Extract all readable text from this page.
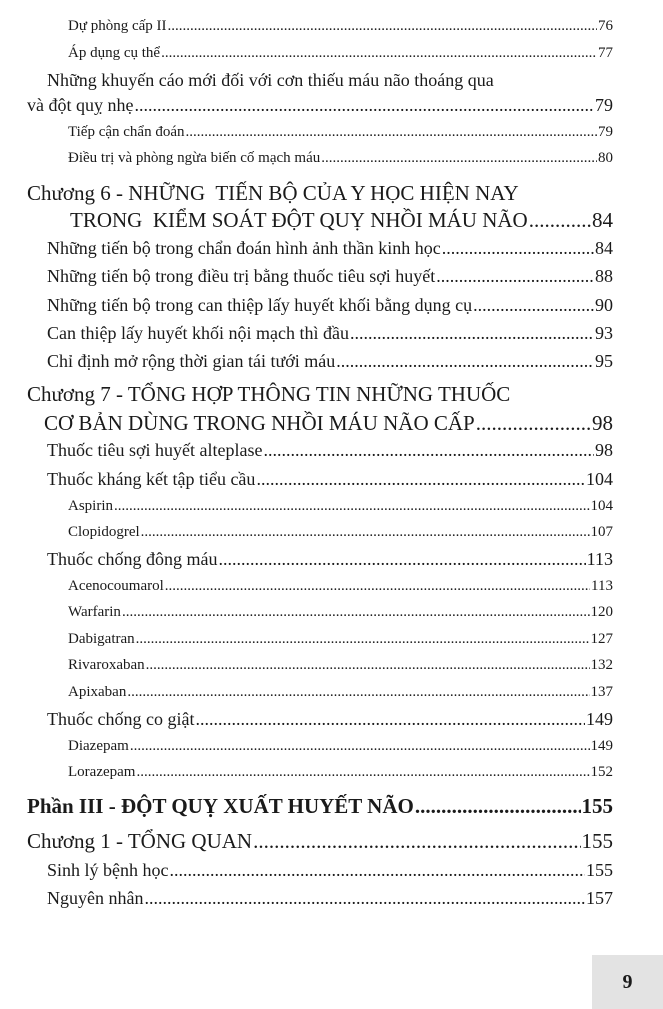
Dự phòng cấp II .....	76
Áp dụng cụ thể .....	77
Những khuyến cáo mới đối với cơn thiếu máu não thoáng qua
và đột quỵ nhẹ .....	79
Tiếp cận chẩn đoán .....	79
Điều trị và phòng ngừa biến cố mạch máu .....	80
Chương 6 - NHỮNG  TIẾN BỘ CỦA Y HỌC HIỆN NAY
TRONG  KIỂM SOÁT ĐỘT QUỴ NHỒI MÁU NÃO .....	84
Những tiến bộ trong chẩn đoán hình ảnh thần kinh học .....	84
Những tiến bộ trong điều trị bằng thuốc tiêu sợi huyết .....	88
Những tiến bộ trong can thiệp lấy huyết khối bằng dụng cụ .....	90
Can thiệp lấy huyết khối nội mạch thì đầu .....	93
Chỉ định mở rộng thời gian tái tưới máu .....	95
Chương 7 - TỔNG HỢP THÔNG TIN NHỮNG THUỐC
CƠ BẢN DÙNG TRONG NHỒI MÁU NÃO CẤP .....	98
Thuốc tiêu sợi huyết alteplase .....	98
Thuốc kháng kết tập tiểu cầu .....	104
Aspirin .....	104
Clopidogrel .....	107
Thuốc chống đông máu .....	113
Acenocoumarol .....	113
Warfarin .....	120
Dabigatran .....	127
Rivaroxaban .....	132
Apixaban .....	137
Thuốc chống co giật .....	149
Diazepam .....	149
Lorazepam .....	152
Phần III - ĐỘT QUỴ XUẤT HUYẾT NÃO .....	155
Chương 1 - TỔNG QUAN .....	155
Sinh lý bệnh học .....	155
Nguyên nhân .....	157
9
